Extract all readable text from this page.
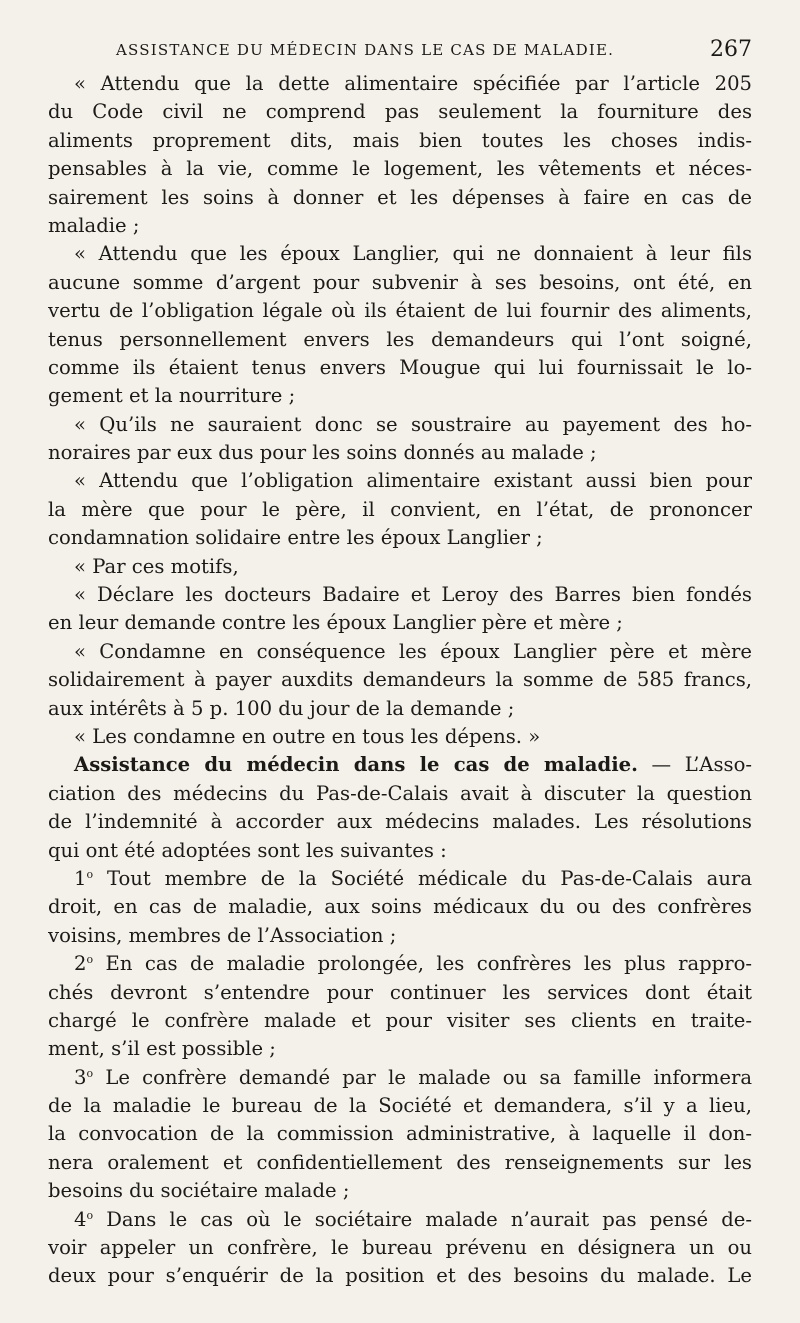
ASSISTANCE DU MÉDECIN DANS LE CAS DE MALADIE.	267
« Attendu que la dette alimentaire spécifiée par l’article 205
du Code civil ne comprend pas seulement la fourniture des
aliments proprement dits, mais bien toutes les choses indis-
pensables à la vie, comme le logement, les vêtements et néces-
sairement les soins à donner et les dépenses à faire en cas de
maladie ;
« Attendu que les époux Langlier, qui ne donnaient à leur fils
aucune somme d’argent pour subvenir à ses besoins, ont été, en
vertu de l’obligation légale où ils étaient de lui fournir des aliments,
tenus personnellement envers les demandeurs qui l’ont soigné,
comme ils étaient tenus envers Mougue qui lui fournissait le lo-
gement et la nourriture ;
« Qu’ils ne sauraient donc se soustraire au payement des ho-
noraires par eux dus pour les soins donnés au malade ;
« Attendu que l’obligation alimentaire existant aussi bien pour
la mère que pour le père, il convient, en l’état, de prononcer
condamnation solidaire entre les époux Langlier ;
« Par ces motifs,
« Déclare les docteurs Badaire et Leroy des Barres bien fondés
en leur demande contre les époux Langlier père et mère ;
« Condamne en conséquence les époux Langlier père et mère
solidairement à payer auxdits demandeurs la somme de 585 francs,
aux intérêts à 5 p. 100 du jour de la demande ;
« Les condamne en outre en tous les dépens. »
Assistance du médecin dans le cas de maladie. — L’Asso-
ciation des médecins du Pas-de-Calais avait à discuter la question
de l’indemnité à accorder aux médecins malades. Les résolutions
qui ont été adoptées sont les suivantes :
1$^o$ Tout membre de la Société médicale du Pas-de-Calais aura
droit, en cas de maladie, aux soins médicaux du ou des confrères
voisins, membres de l’Association ;
2$^o$ En cas de maladie prolongée, les confrères les plus rappro-
chés devront s’entendre pour continuer les services dont était
chargé le confrère malade et pour visiter ses clients en traite-
ment, s’il est possible ;
3$^o$ Le confrère demandé par le malade ou sa famille informera
de la maladie le bureau de la Société et demandera, s’il y a lieu,
la convocation de la commission administrative, à laquelle il don-
nera oralement et confidentiellement des renseignements sur les
besoins du sociétaire malade ;
4$^o$ Dans le cas où le sociétaire malade n’aurait pas pensé de-
voir appeler un confrère, le bureau prévenu en désignera un ou
deux pour s’enquérir de la position et des besoins du malade. Le
